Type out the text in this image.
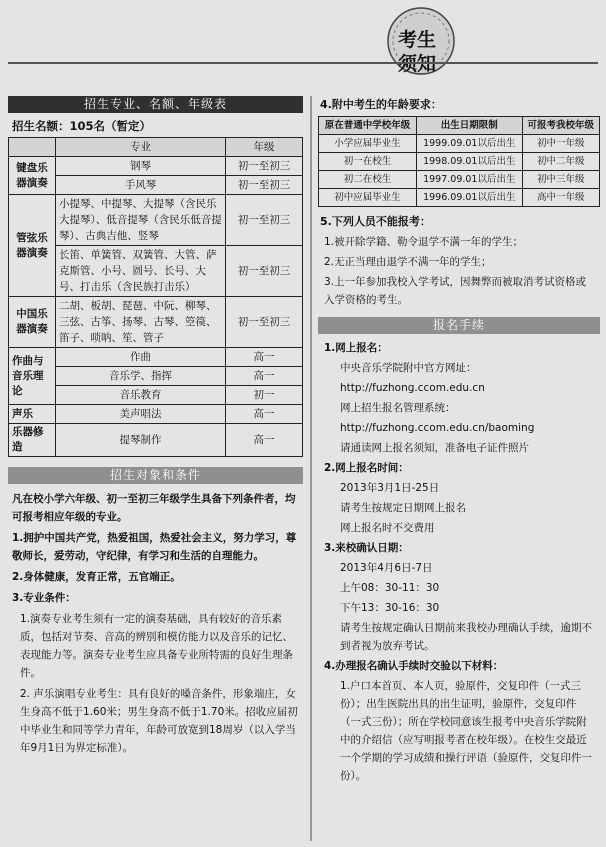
考生
须知
招生专业、名额、年级表
招生名额：105名（暂定）
	专业	年级
键盘乐器演奏	钢琴	初一至初三
	手风琴	初一至初三
管弦乐器演奏	小提琴、中提琴、大提琴（含民乐大提琴）、低音提琴（含民乐低音提琴）、古典吉他、竖琴	初一至初三
	长笛、单簧管、双簧管、大管、萨克斯管、小号、圆号、长号、大号、打击乐（含民族打击乐）	初一至初三
中国乐器演奏	二胡、板胡、琵琶、中阮、柳琴、三弦、古筝、扬琴、古琴、箜篌、笛子、唢呐、笙、管子	初一至初三
作曲与音乐理论	作曲	高一
	音乐学、指挥	高一
	音乐教育	初一
声乐	美声唱法	高一
乐器修造	提琴制作	高一
招生对象和条件
凡在校小学六年级、初一至初三年级学生具备下列条件者，均可报考相应年级的专业。
1.拥护中国共产党，热爱祖国，热爱社会主义，努力学习，尊敬师长，爱劳动，守纪律，有学习和生活的自理能力。
2.身体健康，发育正常，五官端正。
3.专业条件：
1.演奏专业考生须有一定的演奏基础，具有较好的音乐素质，包括对节奏、音高的辨别和模仿能力以及音乐的记忆、表现能力等。演奏专业考生应具备专业所特需的良好生理条件。
2. 声乐演唱专业考生：具有良好的嗓音条件，形象端庄，女生身高不低于1.60米；男生身高不低于1.70米。招收应届初中毕业生和同等学力青年，年龄可放宽到18周岁（以入学当年9月1日为界定标准）。
4.附中考生的年龄要求：
原在普通中学校年级	出生日期限制	可报考我校年级
小学应届毕业生	1999.09.01以后出生	初中一年级
初一在校生	1998.09.01以后出生	初中二年级
初二在校生	1997.09.01以后出生	初中三年级
初中应届毕业生	1996.09.01以后出生	高中一年级
5.下列人员不能报考：
1.被开除学籍、勒令退学不满一年的学生；
2.无正当理由退学不满一年的学生；
3.上一年参加我校入学考试，因舞弊而被取消考试资格或入学资格的考生。
报名手续
1.网上报名：
中央音乐学院附中官方网址：
http://fuzhong.ccom.edu.cn
网上招生报名管理系统：
http://fuzhong.ccom.edu.cn/baoming
请通读网上报名须知，准备电子证件照片
2.网上报名时间：
2013年3月1日-25日
请考生按规定日期网上报名
网上报名时不交费用
3.来校确认日期：
2013年4月6日-7日
上午08：30-11：30
下午13：30-16：30
请考生按规定确认日期前来我校办理确认手续，逾期不到者视为放弃考试。
4.办理报名确认手续时交验以下材料：
1.户口本首页、本人页，验原件，交复印件（一式三份）；出生医院出具的出生证明，验原件，交复印件（一式三份）；所在学校同意该生报考中央音乐学院附中的介绍信（应写明报考者在校年级）。在校生交最近一个学期的学习成绩和操行评语（验原件，交复印件一份）。
